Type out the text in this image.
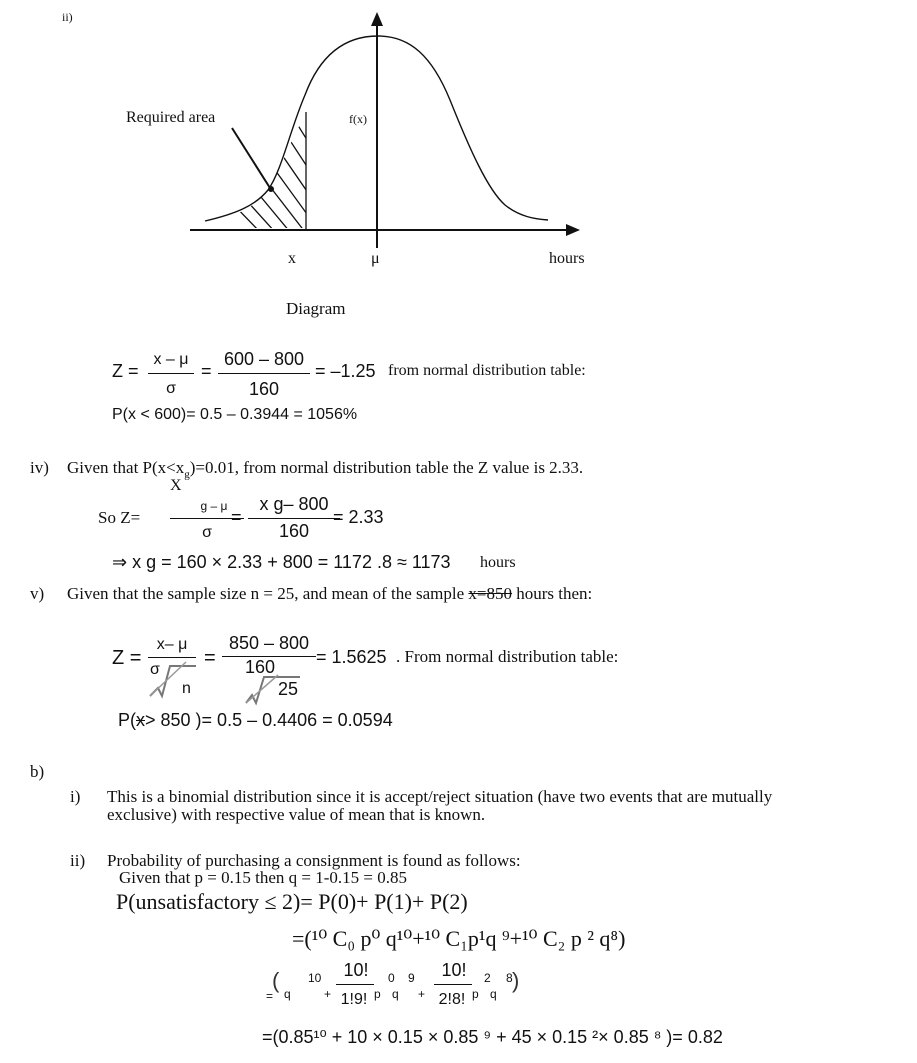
ii)
Required area	f(x)
x	μ	hours
Diagram
Z =
x – μ
σ
=
600 – 800
160
= –1.25 from normal distribution table:
P(x < 600)= 0.5 – 0.3944 = 1056%
iv) Given that $P(x<x_g)=0.01$, from normal distribution table the Z value is 2.33.
X
So Z=
g – μ
σ
=
x g– 800
160
= 2.33
⇒ x g = 160 × 2.33 + 800 = 1172 .8 ≈ 1173 hours
v) Given that the sample size n = 25, and mean of the sample x=850 hours then:
Z =
x– μ
σ
n
=
850 – 800
160
25
= 1.5625 . From normal distribution table:
P(x> 850 )= 0.5 – 0.4406 = 0.0594
b)
i) This is a binomial distribution since it is accept/reject situation (have two events that are mutually
exclusive) with respective value of mean that is known.
ii) Probability of purchasing a consignment is found as follows:
Given that p = 0.15 then q = 1-0.15 = 0.85
P(unsatisfactory ≤ 2)= P(0)+ P(1)+ P(2)
=(¹⁰ C₀ p⁰ q¹⁰+¹⁰ C₁p¹q ⁹+¹⁰ C₂ p ² q⁸)
=
(
q
10
+
10!
1!9! p
0
q
9
+
10!
2!8! p
2
q
8 )
=(0.85¹⁰ + 10 × 0.15 × 0.85 ⁹ + 45 × 0.15 ²× 0.85 ⁸ )= 0.82
